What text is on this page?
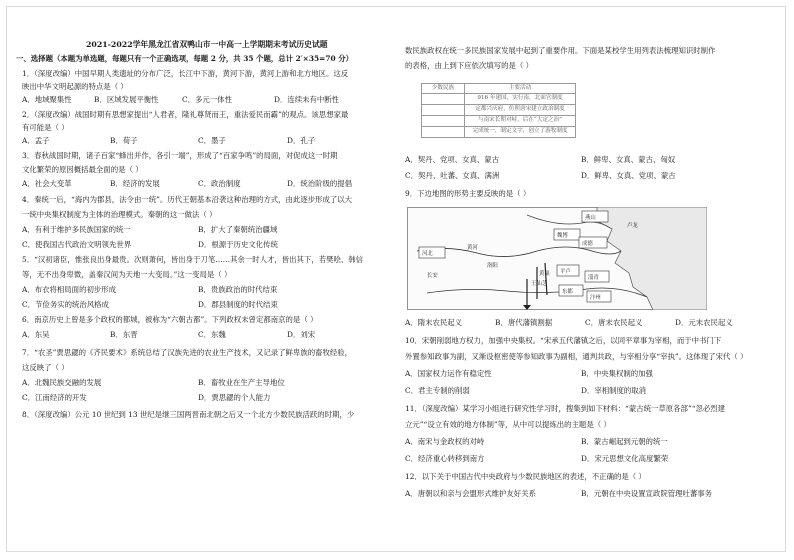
2021-2022学年黑龙江省双鸭山市一中高一上学期期末考试历史试题
一、选择题（本题为单选题，每题只有一个正确选项，每题 2 分，共 35 个题，总计 2′×35=70 分）
1．（深度改编）中国早期人类遗址的分布广泛，长江中下游，黄河下游，黄河上游和北方地区。这反
映出中华文明起源的特点是（ ）
A．地域聚集性	B．区域发展平衡性	C．多元一体性	D．连续未有中断性
2．（深度改编）战国时期有思想家提出“人君者，隆礼尊贤而王，重法爱民而霸”的观点。该思想家最
有可能是（ ）
A．孟子	B．荀子	C．墨子	D．孔子
3．春秋战国时期，诸子百家“蜂出并作，各引一端”，形成了“百家争鸣”的局面，对促成这一时期
文化繁荣的原因概括最全面的是（ ）
A．社会大变革	B．经济的发展	C．政治制度	D．统治阶级的提倡
4．秦统一后，“海内为郡县，法令由一统”。历代王朝基本沿袭这种治理的方式，由此逐步形成了以大
一统中央集权制度为主体的治理模式。秦朝的这一做法（ ）
A．有利于维护多民族国家的统一	B．扩大了秦朝统治疆域
C．使我国古代政治文明领先世界	D．根源于历史文化传统
5．“汉初诸臣，惟张良出身最贵。次则萧何，皆出身于刀笔……其余一时人才，皆出其下，若樊哙、韩信
等，无不出身卑微，盖秦汉间为天地一大变局。”这一变局是（ ）
A．布衣将相局面的初步形成	B．贵族政治的时代结束
C．节俭务实的统治风格成	D．郡县制度的时代结束
6．南京历史上曾是多个政权的都城，被称为“六朝古都”。下列政权未曾定都南京的是（ ）
A．东吴	B．东晋	C．东魏	D．刘宋
7．“农圣”贾思勰的《齐民要术》系统总结了汉族先进的农业生产技术，又记录了鲜卑族的畜牧经验，
这反映了（ ）
A．北魏民族交融的发展	B．畜牧业在生产主导地位
C．江南经济的开发	D．贾思勰的个人能力
8．（深度改编）公元 10 世纪到 13 世纪是继三国两晋南北朝之后又一个北方少数民族活跃的时期，少
数民族政权在统一多民族国家发展中起到了重要作用。下面是某校学生用列表法梳理知识时制作
的表格，由上到下应依次填写的是（ ）
少数民族	主要活动
	916 年建国，实行南，北面官制度
	定都兴庆府，仿照唐宋建立政治制度
	与南宋长期对峙，后在“大定之治”
	完成统一，制定文字，创立了游牧制度
A．契丹、党项、女真、蒙古	B．鲜卑、女真、蒙古、匈奴
C．契丹、吐蕃、女真、满洲	D．鲜卑、女真、党项、蒙古
9．下边地图的形势主要反映的是（ ）
燕山
魏博
成德
河北
平卢
淄青
东都
汴州
黄河
长安
洛阳
王仙芝
黄巢
卢龙
A．隋末农民起义	B．唐代藩镇割据	C．唐末农民起义	D．元末农民起义
10．宋朝削弱地方权力，加强中央集权。“宋承五代藩镇之后，以同平章事为宰相，而于中书门下
外置参知政事为副，又渐设枢密使等参知政事为副相，通判共政，与宰相分享“宰执”。这体现了宋代（ ）
A．国家权力运作有稳定性	B．中央集权制的加强
C．君主专制的削弱	D．宰相制度的取消
11．（深度改编）某学习小组进行研究性学习时，搜集到如下材料：“蒙古统一草原各部”“忽必烈建
立元”“设立有效的地方体制”等，从中可以提炼出的主题是（ ）
A．南宋与金政权的对峙	B．蒙古崛起到元朝的统一
C．经济重心转移到南方	D．宋元思想文化高度繁荣
12．以下关于中国古代中央政府与少数民族地区的表述，不正确的是（ ）
A．唐朝以和亲与会盟形式维护友好关系	B．元朝在中央设置宣政院管理吐蕃事务
